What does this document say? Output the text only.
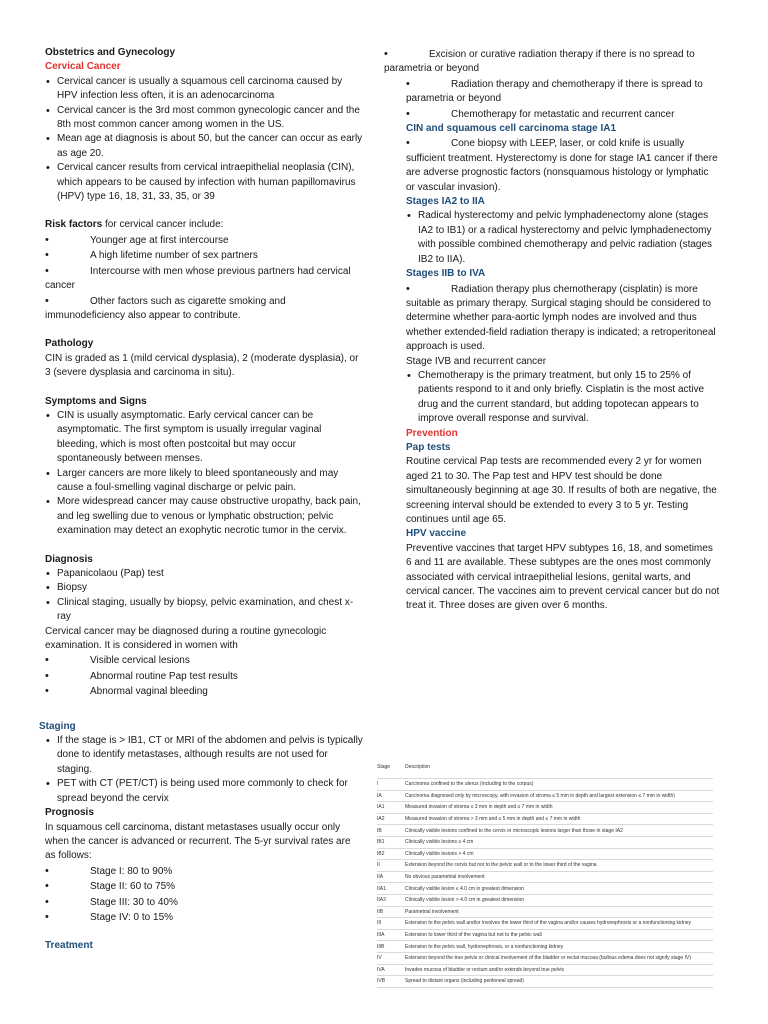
Obstetrics and Gynecology
Cervical Cancer
• Cervical cancer is usually a squamous cell carcinoma caused by HPV infection less often, it is an adenocarcinoma
• Cervical cancer is the 3rd most common gynecologic cancer and the 8th most common cancer among women in the US.
• Mean age at diagnosis is about 50, but the cancer can occur as early as age 20.
• Cervical cancer results from cervical intraepithelial neoplasia (CIN), which appears to be caused by infection with human papillomavirus (HPV) type 16, 18, 31, 33, 35, or 39

Risk factors for cervical cancer include:

• Younger age at first intercourse
• A high lifetime number of sex partners
• Intercourse with men whose previous partners had cervical cancer
• Other factors such as cigarette smoking and immunodeficiency also appear to contribute.
Pathology

CIN is graded as 1 (mild cervical dysplasia), 2 (moderate dysplasia), or 3 (severe dysplasia and carcinoma in situ).

Symptoms and Signs
• CIN is usually asymptomatic. Early cervical cancer can be asymptomatic. The first symptom is usually irregular vaginal bleeding, which is most often postcoital but may occur spontaneously between menses.
• Larger cancers are more likely to bleed spontaneously and may cause a foul-smelling vaginal discharge or pelvic pain.
• More widespread cancer may cause obstructive uropathy, back pain, and leg swelling due to venous or lymphatic obstruction; pelvic examination may detect an exophytic necrotic tumor in the cervix.
Diagnosis
• Papanicolaou (Pap) test
• Biopsy
• Clinical staging, usually by biopsy, pelvic examination, and chest x-ray

Cervical cancer may be diagnosed during a routine gynecologic examination. It is considered in women with

• Visible cervical lesions
• Abnormal routine Pap test results
• Abnormal vaginal bleeding
Staging
• If the stage is > IB1, CT or MRI of the abdomen and pelvis is typically done to identify metastases, although results are not used for staging.
• PET with CT (PET/CT) is being used more commonly to check for spread beyond the cervix
Prognosis

In squamous cell carcinoma, distant metastases usually occur only when the cancer is advanced or recurrent. The 5-yr survival rates are as follows:

• Stage I: 80 to 90%
• Stage II: 60 to 75%
• Stage III: 30 to 40%
• Stage IV: 0 to 15%
Treatment
• Excision or curative radiation therapy if there is no spread to parametria or beyond
• Radiation therapy and chemotherapy if there is spread to parametria or beyond
• Chemotherapy for metastatic and recurrent cancer
CIN and squamous cell carcinoma stage IA1
• Cone biopsy with LEEP, laser, or cold knife is usually sufficient treatment. Hysterectomy is done for stage IA1 cancer if there are adverse prognostic factors (nonsquamous histology or lymphatic or vascular invasion).
Stages IA2 to IIA
• Radical hysterectomy and pelvic lymphadenectomy alone (stages IA2 to IB1) or a radical hysterectomy and pelvic lymphadenectomy with possible combined chemotherapy and pelvic radiation (stages IB2 to IIA).
Stages IIB to IVA
• Radiation therapy plus chemotherapy (cisplatin) is more suitable as primary therapy. Surgical staging should be considered to determine whether para-aortic lymph nodes are involved and thus whether extended-field radiation therapy is indicated; a retroperitoneal approach is used.
Stage IVB and recurrent cancer
• Chemotherapy is the primary treatment, but only 15 to 25% of patients respond to it and only briefly. Cisplatin is the most active drug and the current standard, but adding topotecan appears to improve overall response and survival.
Prevention
Pap tests

Routine cervical Pap tests are recommended every 2 yr for women aged 21 to 30. The Pap test and HPV test should be done simultaneously beginning at age 30. If results of both are negative, the screening interval should be extended to every 3 to 5 yr. Testing continues until age 65.

HPV vaccine

Preventive vaccines that target HPV subtypes 16, 18, and sometimes 6 and 11 are available. These subtypes are the ones most commonly associated with cervical intraepithelial lesions, genital warts, and cervical cancer. The vaccines aim to prevent cervical cancer but do not treat it. Three doses are given over 6 months.

Stage	Description
I	Carcinoma confined to the uterus (including to the corpus)
IA	Carcinoma diagnosed only by microscopy, with invasion of stroma ≤ 5 mm in depth and largest extension ≤ 7 mm in width)
IA1	Measured invasion of stroma ≤ 3 mm in depth and ≤ 7 mm in width
IA2	Measured invasion of stroma > 3 mm and ≤ 5 mm in depth and ≤ 7 mm in width
IB	Clinically visible lesions confined to the cervix or microscopic lesions larger than those in stage IA2
IB1	Clinically visible lesions ≤ 4 cm
IB2	Clinically visible lesions > 4 cm
II	Extension beyond the cervix but not to the pelvic wall or to the lower third of the vagina
IIA	No obvious parametrial involvement
IIA1	Clinically visible lesion ≤ 4.0 cm in greatest dimension
IIA2	Clinically visible lesion > 4.0 cm in greatest dimension
IIB	Parametrial involvement
III	Extension to the pelvic wall and/or involves the lower third of the vagina and/or causes hydronephrosis or a nonfunctioning kidney
IIIA	Extension to lower third of the vagina but not to the pelvic wall
IIIB	Extension to the pelvic wall, hydronephrosis, or a nonfunctioning kidney
IV	Extension beyond the true pelvis or clinical involvement of the bladder or rectal mucosa (bullous edema does not signify stage IV)
IVA	Invades mucosa of bladder or rectum and/or extends beyond true pelvis
IVB	Spread to distant organs (including peritoneal spread)
